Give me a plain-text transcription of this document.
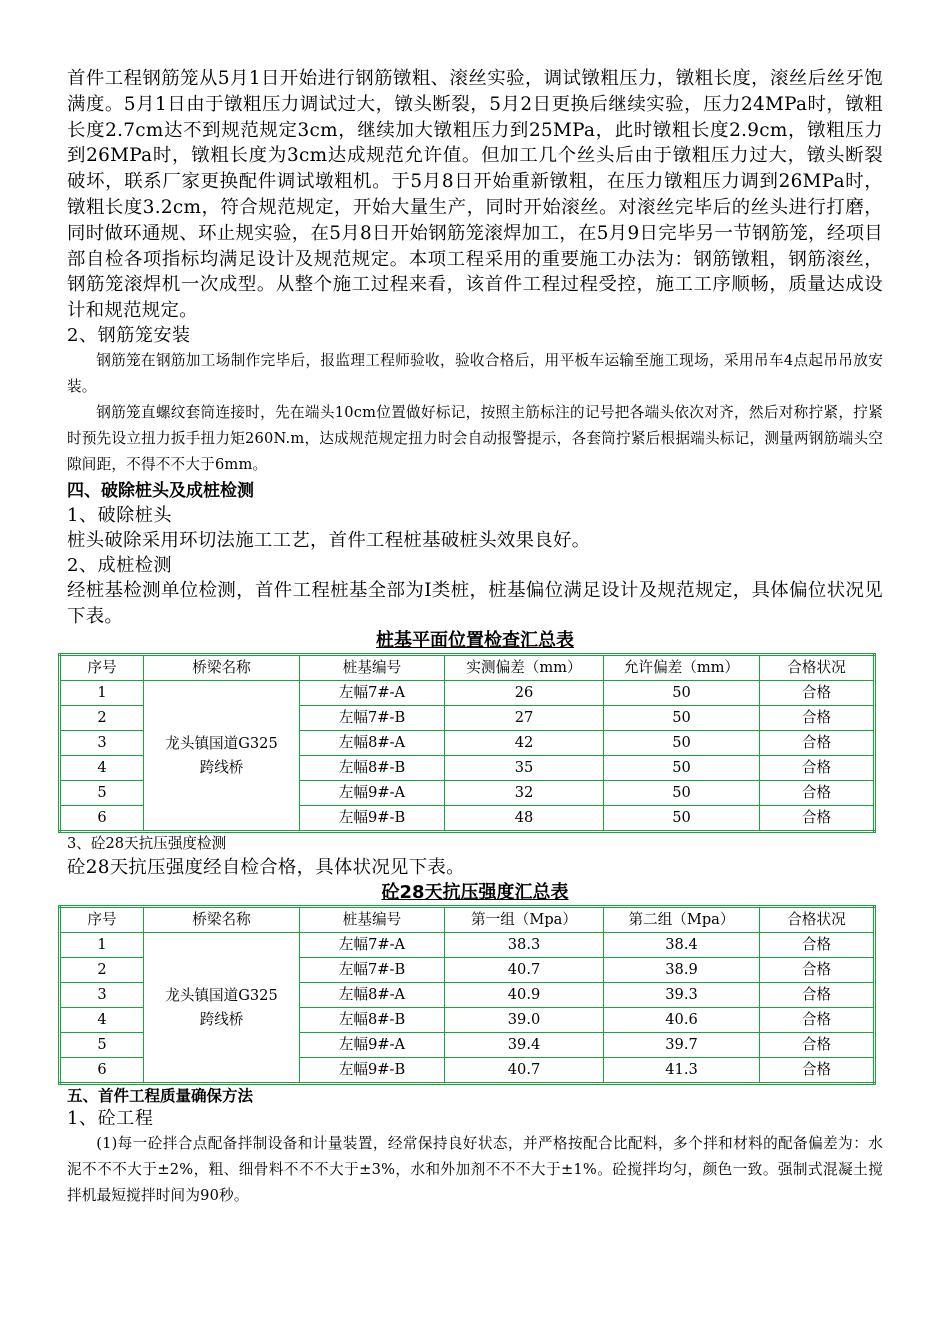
首件工程钢筋笼从5月1日开始进行钢筋镦粗、滚丝实验，调试镦粗压力，镦粗长度，滚丝后丝牙饱满度。5月1日由于镦粗压力调试过大，镦头断裂，5月2日更换后继续实验，压力24MPa时，镦粗长度2.7cm达不到规范规定3cm，继续加大镦粗压力到25MPa，此时镦粗长度2.9cm，镦粗压力到26MPa时，镦粗长度为3cm达成规范允许值。但加工几个丝头后由于镦粗压力过大，镦头断裂破坏，联系厂家更换配件调试墩粗机。于5月8日开始重新镦粗，在压力镦粗压力调到26MPa时，镦粗长度3.2cm，符合规范规定，开始大量生产，同时开始滚丝。对滚丝完毕后的丝头进行打磨，同时做环通规、环止规实验，在5月8日开始钢筋笼滚焊加工，在5月9日完毕另一节钢筋笼，经项目部自检各项指标均满足设计及规范规定。本项工程采用的重要施工办法为：钢筋镦粗，钢筋滚丝，钢筋笼滚焊机一次成型。从整个施工过程来看，该首件工程过程受控，施工工序顺畅，质量达成设计和规范规定。

2、钢筋笼安装

钢筋笼在钢筋加工场制作完毕后，报监理工程师验收，验收合格后，用平板车运输至施工现场，采用吊车4点起吊吊放安装。

钢筋笼直螺纹套筒连接时，先在端头10cm位置做好标记，按照主筋标注的记号把各端头依次对齐，然后对称拧紧，拧紧时预先设立扭力扳手扭力矩260N.m，达成规范规定扭力时会自动报警提示，各套筒拧紧后根据端头标记，测量两钢筋端头空隙间距，不得不不大于6mm。

四、破除桩头及成桩检测

1、破除桩头

桩头破除采用环切法施工工艺，首件工程桩基破桩头效果良好。

2、成桩检测

经桩基检测单位检测，首件工程桩基全部为I类桩，桩基偏位满足设计及规范规定，具体偏位状况见下表。

桩基平面位置检查汇总表

序号	桥梁名称	桩基编号	实测偏差（mm）	允许偏差（mm）	合格状况
1	龙头镇国道G325
跨线桥	左幅7#-A	26	50	合格
2		左幅7#-B	27	50	合格
3		左幅8#-A	42	50	合格
4		左幅8#-B	35	50	合格
5		左幅9#-A	32	50	合格
6		左幅9#-B	48	50	合格

3、砼28天抗压强度检测

砼28天抗压强度经自检合格，具体状况见下表。

砼28天抗压强度汇总表

序号	桥梁名称	桩基编号	第一组（Mpa）	第二组（Mpa）	合格状况
1	龙头镇国道G325
跨线桥	左幅7#-A	38.3	38.4	合格
2		左幅7#-B	40.7	38.9	合格
3		左幅8#-A	40.9	39.3	合格
4		左幅8#-B	39.0	40.6	合格
5		左幅9#-A	39.4	39.7	合格
6		左幅9#-B	40.7	41.3	合格

五、首件工程质量确保方法

1、砼工程

(1)每一砼拌合点配备拌制设备和计量装置，经常保持良好状态，并严格按配合比配料，多个拌和材料的配备偏差为：水泥不不不大于±2%，粗、细骨料不不不大于±3%，水和外加剂不不不大于±1%。砼搅拌均匀，颜色一致。强制式混凝土搅拌机最短搅拌时间为90秒。
